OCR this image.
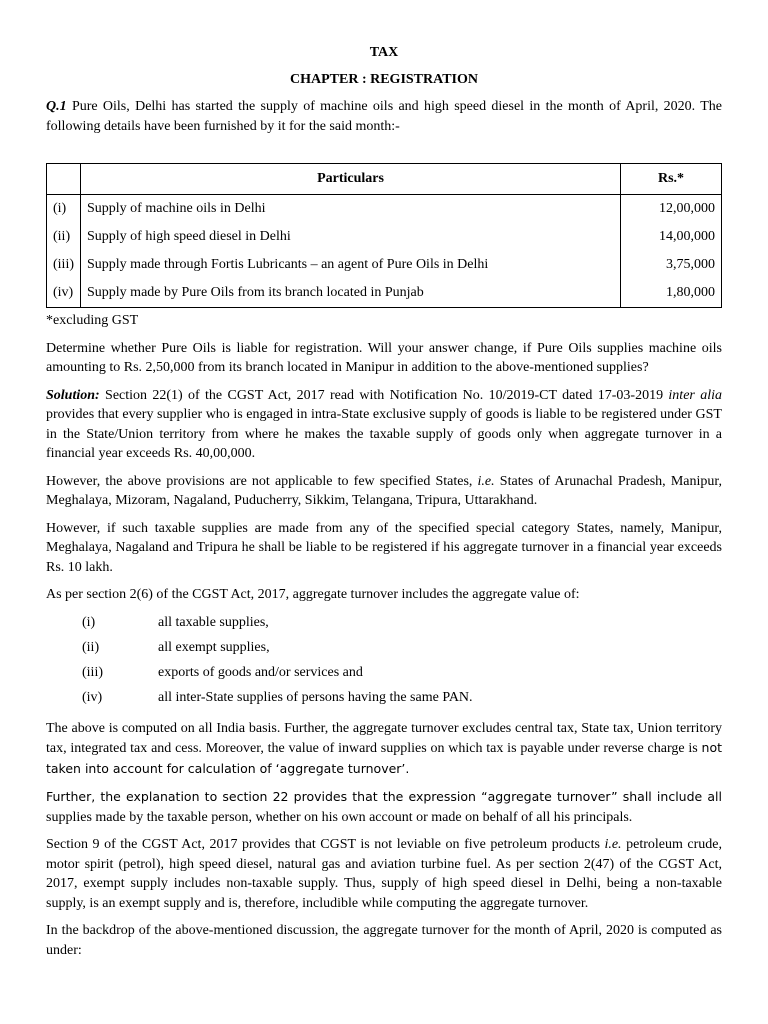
TAX
CHAPTER : REGISTRATION

Q.1 Pure Oils, Delhi has started the supply of machine oils and high speed diesel in the month of April, 2020. The following details have been furnished by it for the said month:-

	Particulars	Rs.*
(i)	Supply of machine oils in Delhi	12,00,000
(ii)	Supply of high speed diesel in Delhi	14,00,000
(iii)	Supply made through Fortis Lubricants – an agent of Pure Oils in Delhi	3,75,000
(iv)	Supply made by Pure Oils from its branch located in Punjab	1,80,000

*excluding GST

Determine whether Pure Oils is liable for registration. Will your answer change, if Pure Oils supplies machine oils amounting to Rs. 2,50,000 from its branch located in Manipur in addition to the above-mentioned supplies?

Solution: Section 22(1) of the CGST Act, 2017 read with Notification No. 10/2019-CT dated 17-03-2019 inter alia provides that every supplier who is engaged in intra-State exclusive supply of goods is liable to be registered under GST in the State/Union territory from where he makes the taxable supply of goods only when aggregate turnover in a financial year exceeds Rs. 40,00,000.

However, the above provisions are not applicable to few specified States, i.e. States of Arunachal Pradesh, Manipur, Meghalaya, Mizoram, Nagaland, Puducherry, Sikkim, Telangana, Tripura, Uttarakhand.

However, if such taxable supplies are made from any of the specified special category States, namely, Manipur, Meghalaya, Nagaland and Tripura he shall be liable to be registered if his aggregate turnover in a financial year exceeds Rs. 10 lakh.

As per section 2(6) of the CGST Act, 2017, aggregate turnover includes the aggregate value of:

(i)	all taxable supplies,
(ii)	all exempt supplies,
(iii)	exports of goods and/or services and
(iv)	all inter-State supplies of persons having the same PAN.

The above is computed on all India basis. Further, the aggregate turnover excludes central tax, State tax, Union territory tax, integrated tax and cess. Moreover, the value of inward supplies on which tax is payable under reverse charge is not taken into account for calculation of ‘aggregate turnover’.

Further, the explanation to section 22 provides that the expression “aggregate turnover” shall include all supplies made by the taxable person, whether on his own account or made on behalf of all his principals.

Section 9 of the CGST Act, 2017 provides that CGST is not leviable on five petroleum products i.e. petroleum crude, motor spirit (petrol), high speed diesel, natural gas and aviation turbine fuel. As per section 2(47) of the CGST Act, 2017, exempt supply includes non-taxable supply. Thus, supply of high speed diesel in Delhi, being a non-taxable supply, is an exempt supply and is, therefore, includible while computing the aggregate turnover.

In the backdrop of the above-mentioned discussion, the aggregate turnover for the month of April, 2020 is computed as under:
